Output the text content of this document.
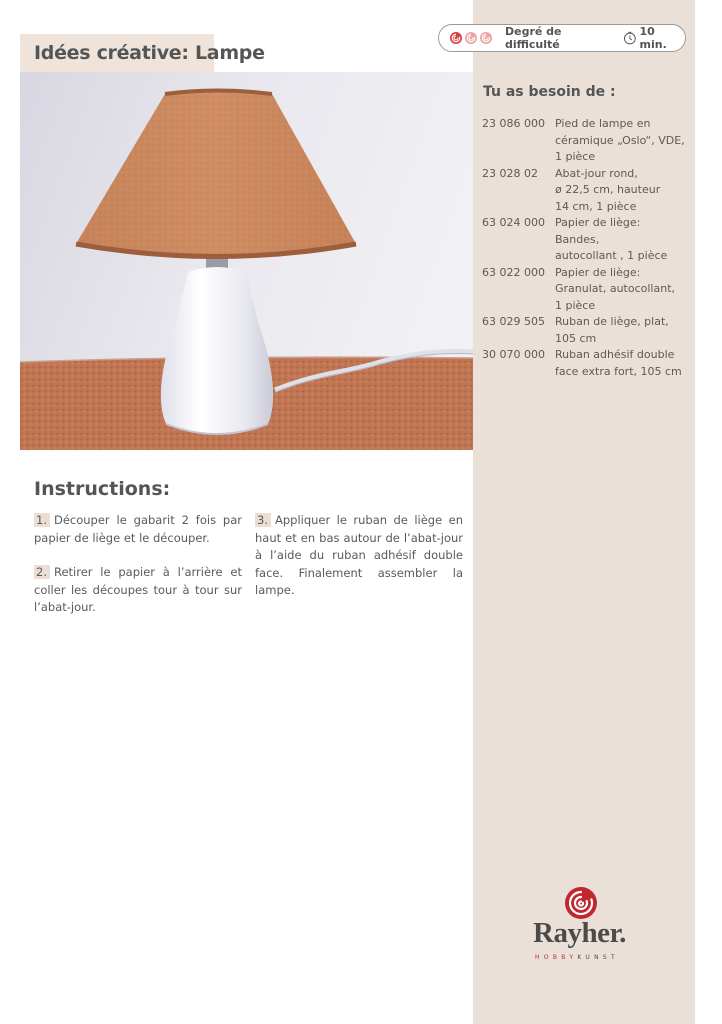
Idées créative: Lampe
Degré de difficulté
10 min.
Tu as besoin de :
23 086 000 Pied de lampe en
céramique „Oslo“, VDE,
1 pièce
23 028 02	Abat-jour rond,
ø 22,5 cm, hauteur
14 cm, 1 pièce
63 024 000 Papier de liège: Bandes,
autocollant , 1 pièce
63 022 000 Papier de liège:
Granulat, autocollant,
1 pièce
63 029 505 Ruban de liège, plat,
105 cm
30 070 000 Ruban adhésif double
face extra fort, 105 cm
Instructions:

1. Découper le gabarit 2 fois par papier de liège et le découper.

2. Retirer le papier à l’arrière et coller les découpes tour à tour sur l’abat-jour.

3. Appliquer le ruban de liège en haut et en bas autour de l’abat-jour à l’aide du ruban adhésif double face. Finalement assembler la lampe.

Rayher.

HOBBYKUNST
